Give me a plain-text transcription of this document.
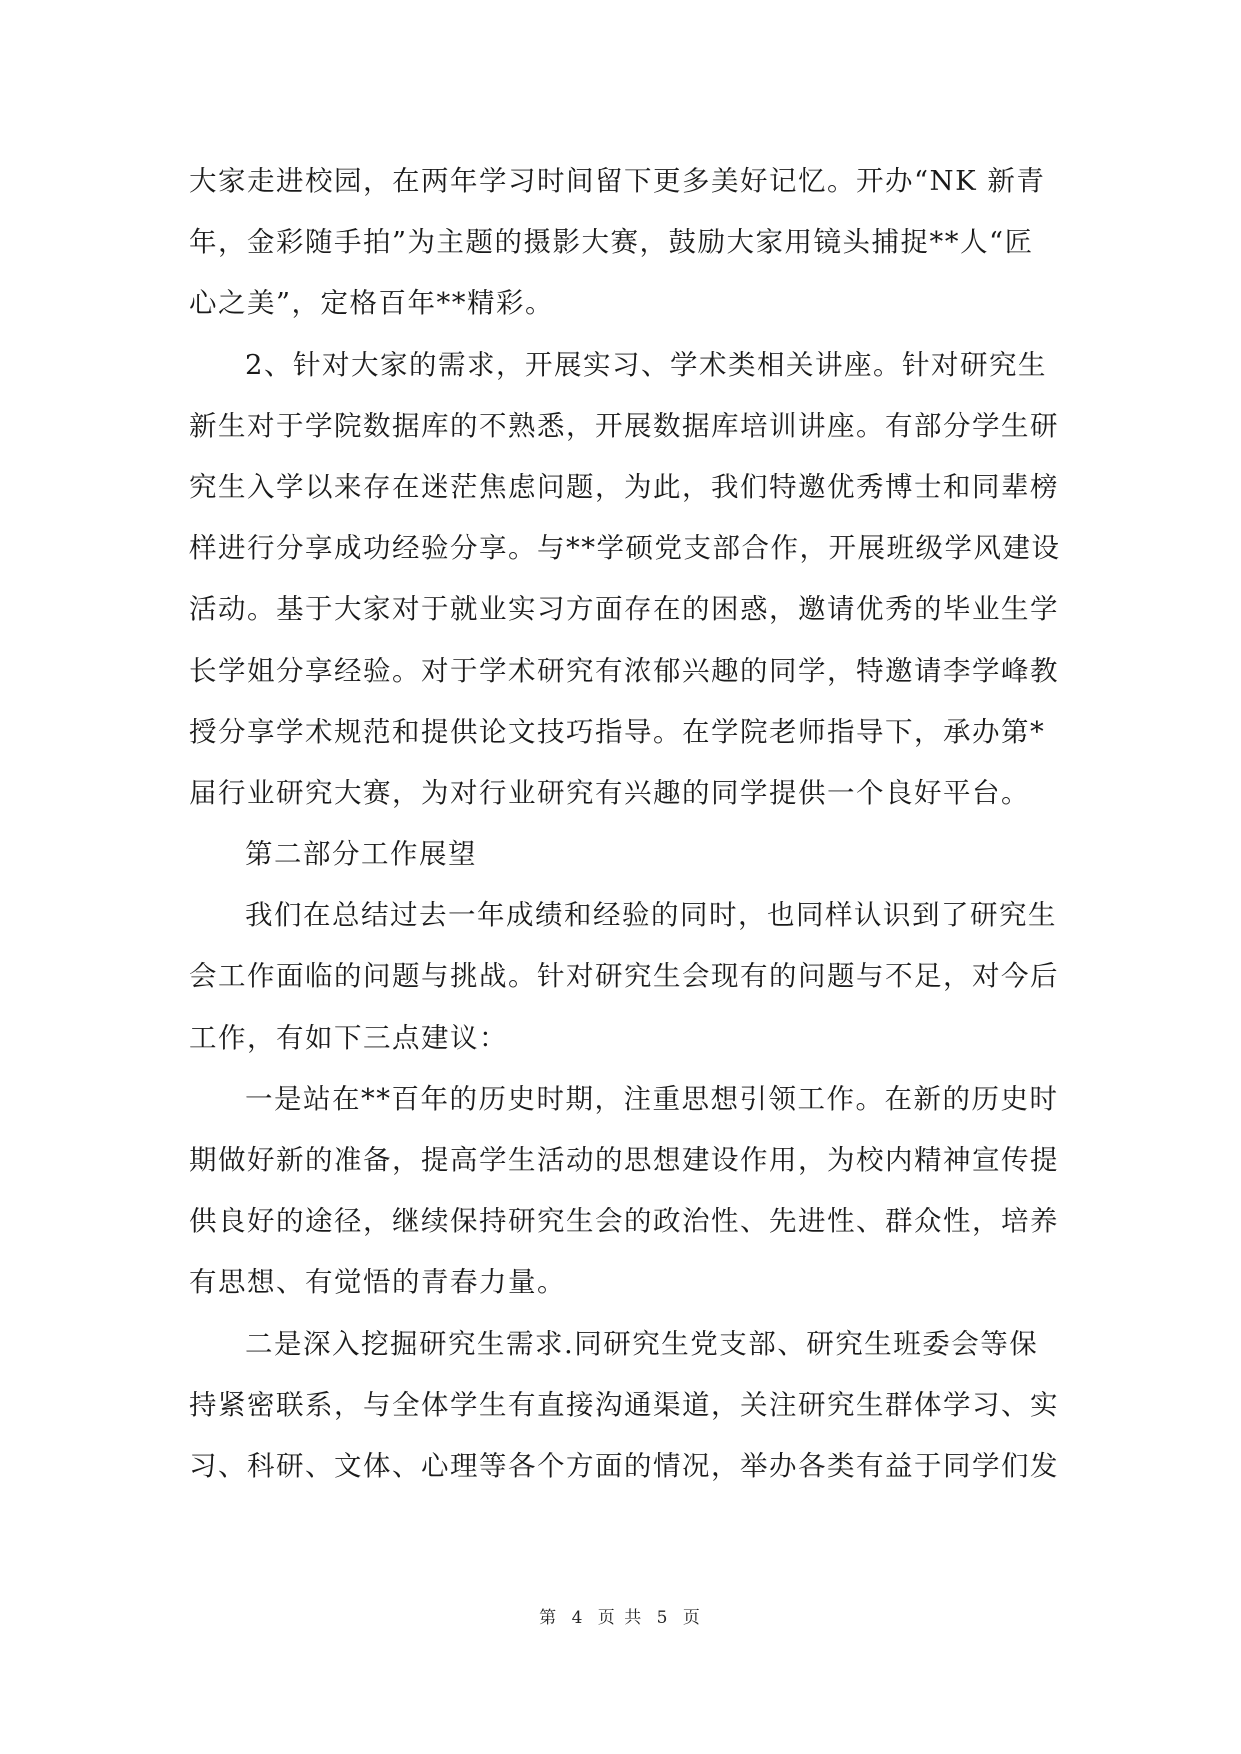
大家走进校园，在两年学习时间留下更多美好记忆。开办“NK 新青
年，金彩随手拍”为主题的摄影大赛，鼓励大家用镜头捕捉**人“匠
心之美”，定格百年**精彩。
2、针对大家的需求，开展实习、学术类相关讲座。针对研究生
新生对于学院数据库的不熟悉，开展数据库培训讲座。有部分学生研
究生入学以来存在迷茫焦虑问题，为此，我们特邀优秀博士和同辈榜
样进行分享成功经验分享。与**学硕党支部合作，开展班级学风建设
活动。基于大家对于就业实习方面存在的困惑，邀请优秀的毕业生学
长学姐分享经验。对于学术研究有浓郁兴趣的同学，特邀请李学峰教
授分享学术规范和提供论文技巧指导。在学院老师指导下，承办第*
届行业研究大赛，为对行业研究有兴趣的同学提供一个良好平台。
第二部分工作展望
我们在总结过去一年成绩和经验的同时，也同样认识到了研究生
会工作面临的问题与挑战。针对研究生会现有的问题与不足，对今后
工作，有如下三点建议：
一是站在**百年的历史时期，注重思想引领工作。在新的历史时
期做好新的准备，提高学生活动的思想建设作用，为校内精神宣传提
供良好的途径，继续保持研究生会的政治性、先进性、群众性，培养
有思想、有觉悟的青春力量。
二是深入挖掘研究生需求.同研究生党支部、研究生班委会等保
持紧密联系，与全体学生有直接沟通渠道，关注研究生群体学习、实
习、科研、文体、心理等各个方面的情况，举办各类有益于同学们发
第 4 页 共 5 页
